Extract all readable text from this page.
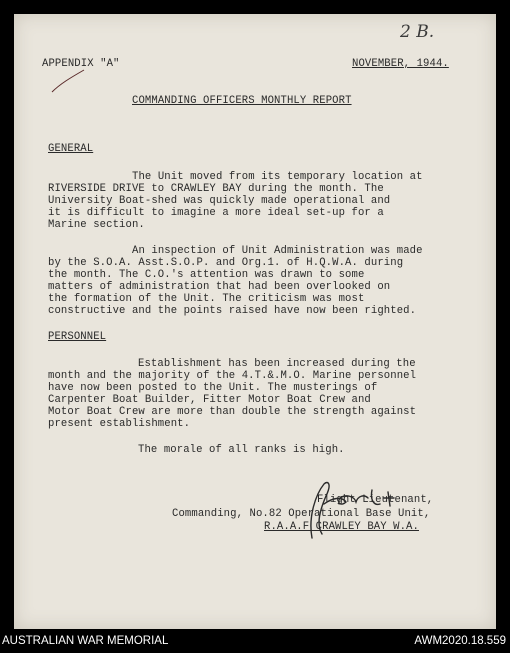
2 B.
APPENDIX "A"	NOVEMBER, 1944.
COMMANDING OFFICERS MONTHLY REPORT
GENERAL
The Unit moved from its temporary location at
RIVERSIDE DRIVE to CRAWLEY BAY during the month. The
University Boat-shed was quickly made operational and
it is difficult to imagine a more ideal set-up for a
Marine section.
An inspection of Unit Administration was made
by the S.O.A. Asst.S.O.P. and Org.1. of H.Q.W.A. during
the month. The C.O.'s attention was drawn to some
matters of administration that had been overlooked on
the formation of the Unit. The criticism was most
constructive and the points raised have now been righted.
PERSONNEL
Establishment has been increased during the
month and the majority of the 4.T.&.M.O. Marine personnel
have now been posted to the Unit. The musterings of
Carpenter Boat Builder, Fitter Motor Boat Crew and
Motor Boat Crew are more than double the strength against
present establishment.
The morale of all ranks is high.
Flight Lieutenant,
Commanding, No.82 Operational Base Unit,
R.A.A.F CRAWLEY BAY W.A.
AUSTRALIAN WAR MEMORIAL	AWM2020.18.559
